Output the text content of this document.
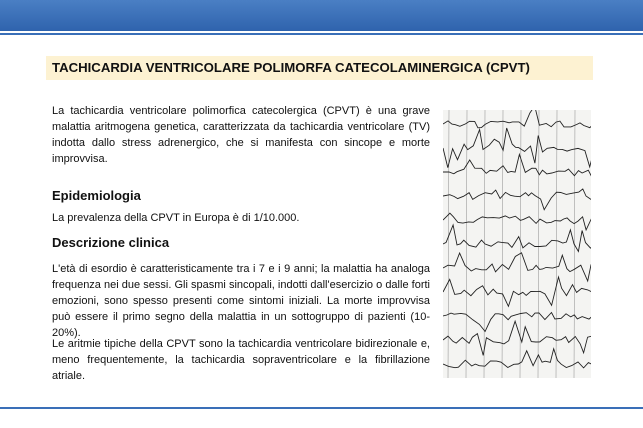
TACHICARDIA VENTRICOLARE POLIMORFA CATECOLAMINERGICA (CPVT)

La tachicardia ventricolare polimorfica catecolergica (CPVT) è una grave malattia aritmogena genetica, caratterizzata da tachicardia ventricolare (TV) indotta dallo stress adrenergico, che si manifesta con sincope e morte improvvisa.

Epidemiologia

La prevalenza della CPVT in Europa è di 1/10.000.

Descrizione clinica

L'età di esordio è caratteristicamente tra i 7 e i 9 anni; la malattia ha analoga frequenza nei due sessi. Gli spasmi sincopali, indotti dall'esercizio o dalle forti emozioni, sono spesso presenti come sintomi iniziali. La morte improvvisa può essere il primo segno della malattia in un sottogruppo di pazienti (10-20%).

Le aritmie tipiche della CPVT sono la tachicardia ventricolare bidirezionale e, meno frequentemente, la tachicardia sopraventricolare e la fibrillazione atriale.
